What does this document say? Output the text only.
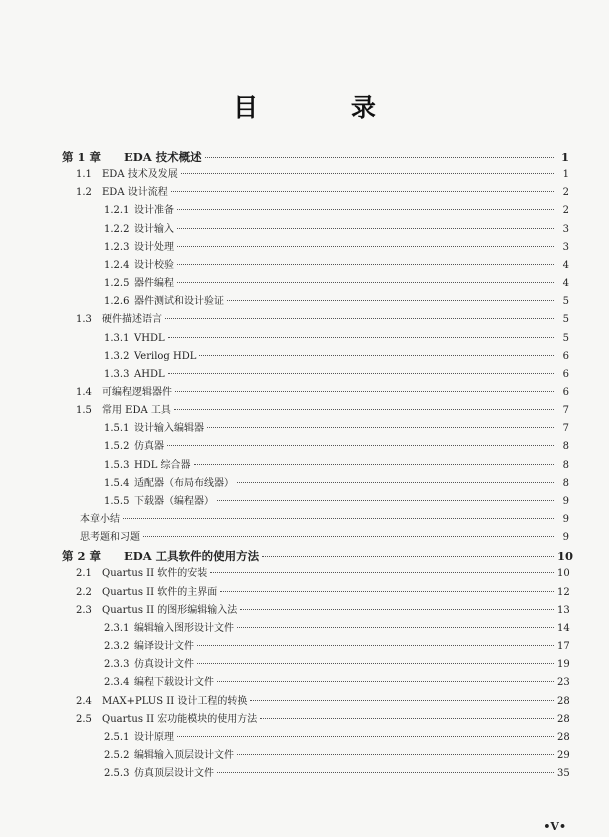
目 录
第 1 章	EDA 技术概述	1
1.1	EDA 技术及发展	1
1.2	EDA 设计流程	2
1.2.1 设计准备	2
1.2.2 设计输入	3
1.2.3 设计处理	3
1.2.4 设计校验	4
1.2.5 器件编程	4
1.2.6 器件测试和设计验证	5
1.3	硬件描述语言	5
1.3.1 VHDL	5
1.3.2 Verilog HDL	6
1.3.3 AHDL	6
1.4	可编程逻辑器件	6
1.5	常用 EDA 工具	7
1.5.1 设计输入编辑器	7
1.5.2 仿真器	8
1.5.3 HDL 综合器	8
1.5.4 适配器（布局布线器）	8
1.5.5 下载器（编程器）	9
本章小结	9
思考题和习题	9
第 2 章	EDA 工具软件的使用方法	10
2.1	Quartus II 软件的安装	10
2.2	Quartus II 软件的主界面	12
2.3	Quartus II 的图形编辑输入法	13
2.3.1 编辑输入图形设计文件	14
2.3.2 编译设计文件	17
2.3.3 仿真设计文件	19
2.3.4 编程下载设计文件	23
2.4	MAX+PLUS II 设计工程的转换	28
2.5	Quartus II 宏功能模块的使用方法	28
2.5.1 设计原理	28
2.5.2 编辑输入顶层设计文件	29
2.5.3 仿真顶层设计文件	35
•V•
